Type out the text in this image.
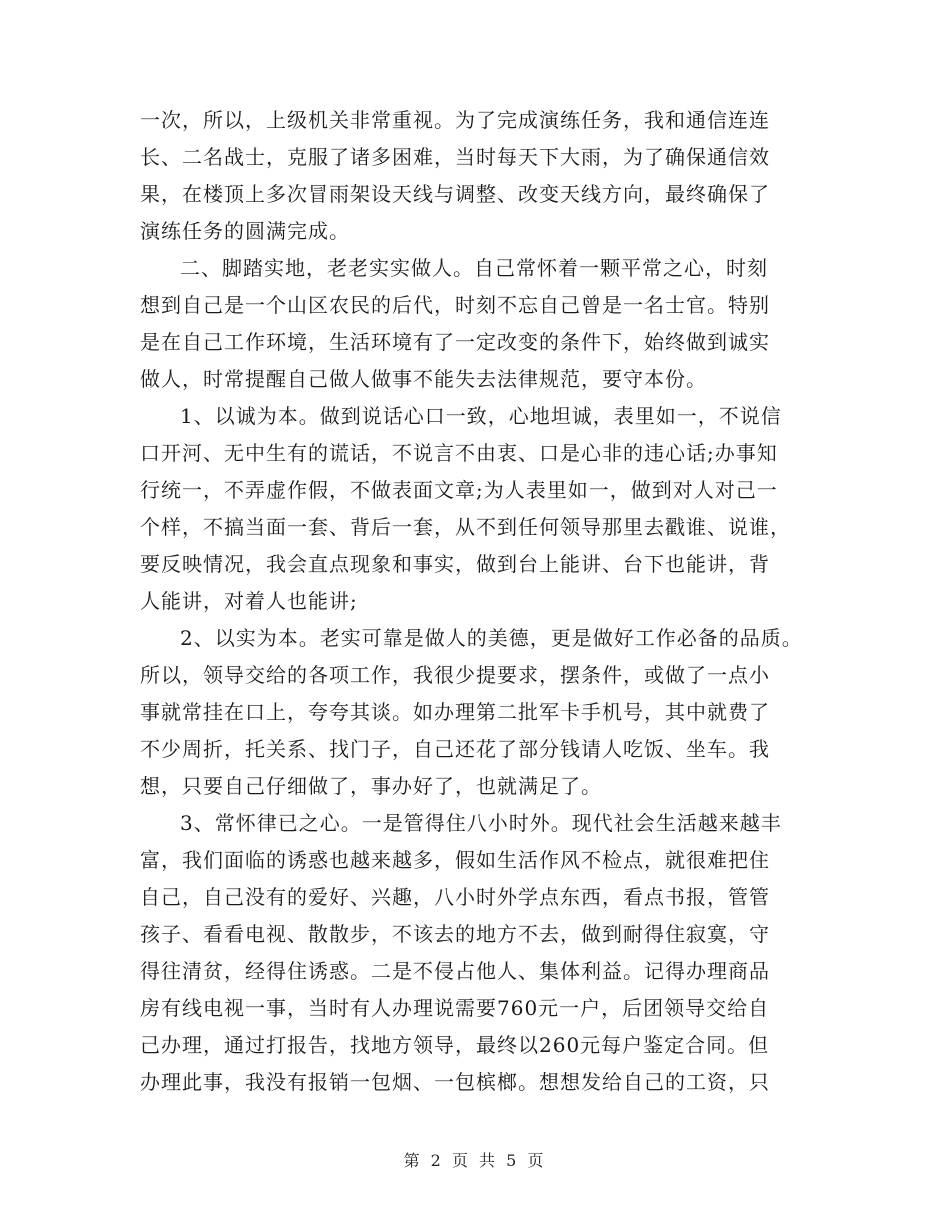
一次，所以，上级机关非常重视。为了完成演练任务，我和通信连连
长、二名战士，克服了诸多困难，当时每天下大雨，为了确保通信效
果，在楼顶上多次冒雨架设天线与调整、改变天线方向，最终确保了
演练任务的圆满完成。
二、脚踏实地，老老实实做人。自己常怀着一颗平常之心，时刻
想到自己是一个山区农民的后代，时刻不忘自己曾是一名士官。特别
是在自己工作环境，生活环境有了一定改变的条件下，始终做到诚实
做人，时常提醒自己做人做事不能失去法律规范，要守本份。
1、以诚为本。做到说话心口一致，心地坦诚，表里如一，不说信
口开河、无中生有的谎话，不说言不由衷、口是心非的违心话;办事知
行统一，不弄虚作假，不做表面文章;为人表里如一，做到对人对己一
个样，不搞当面一套、背后一套，从不到任何领导那里去戳谁、说谁，
要反映情况，我会直点现象和事实，做到台上能讲、台下也能讲，背
人能讲，对着人也能讲;
2、以实为本。老实可靠是做人的美德，更是做好工作必备的品质。
所以，领导交给的各项工作，我很少提要求，摆条件，或做了一点小
事就常挂在口上，夸夸其谈。如办理第二批军卡手机号，其中就费了
不少周折，托关系、找门子，自己还花了部分钱请人吃饭、坐车。我
想，只要自己仔细做了，事办好了，也就满足了。
3、常怀律已之心。一是管得住八小时外。现代社会生活越来越丰
富，我们面临的诱惑也越来越多，假如生活作风不检点，就很难把住
自己，自己没有的爱好、兴趣，八小时外学点东西，看点书报，管管
孩子、看看电视、散散步，不该去的地方不去，做到耐得住寂寞，守
得往清贫，经得住诱惑。二是不侵占他人、集体利益。记得办理商品
房有线电视一事，当时有人办理说需要760元一户，后团领导交给自
己办理，通过打报告，找地方领导，最终以260元每户鉴定合同。但
办理此事，我没有报销一包烟、一包槟榔。想想发给自己的工资，只
第 2 页 共 5 页
